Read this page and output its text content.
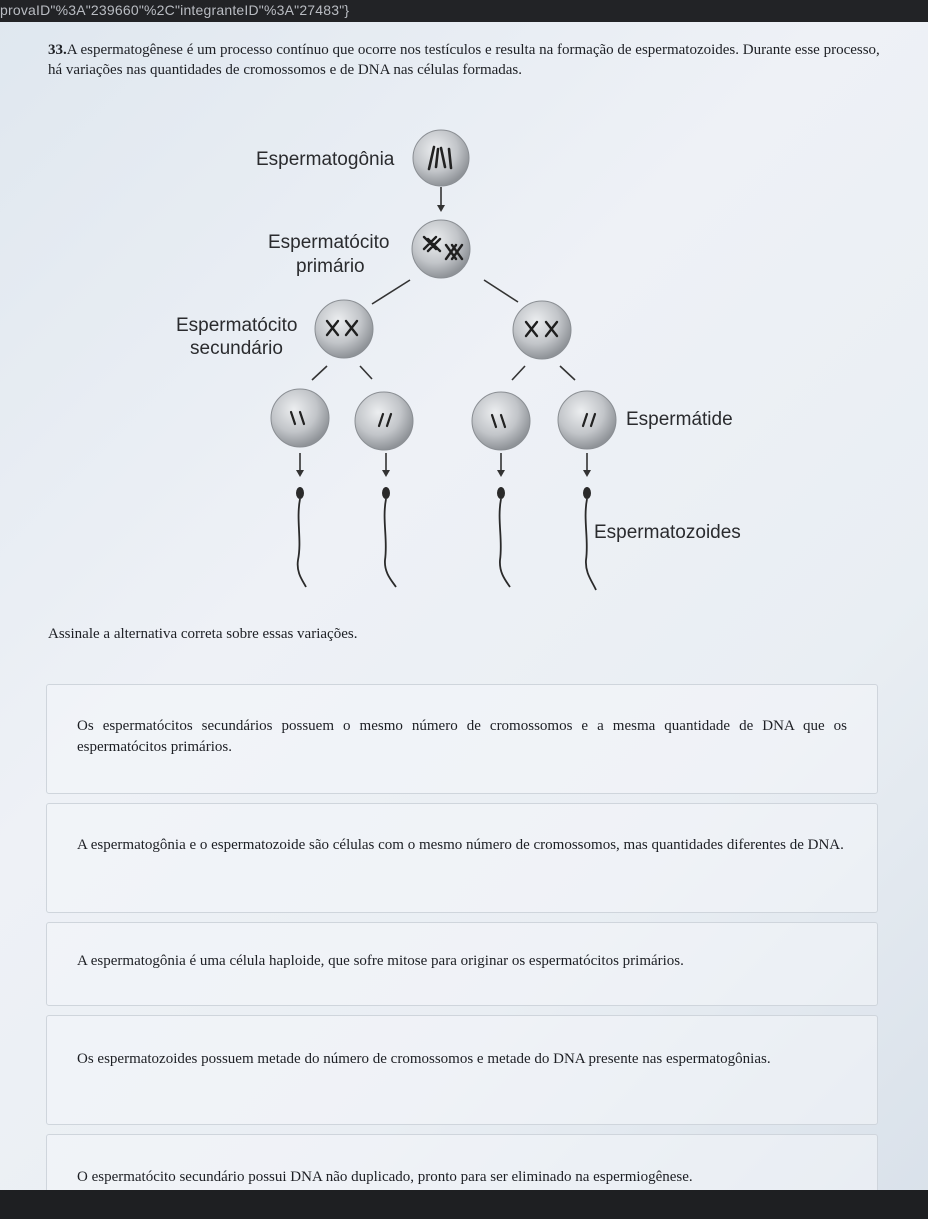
provaID"%3A"239660"%2C"integranteID"%3A"27483"}
33.A espermatogênese é um processo contínuo que ocorre nos testículos e resulta na formação de espermatozoides. Durante esse processo, há variações nas quantidades de cromossomos e de DNA nas células formadas.
Espermatogônia
Espermatócito
primário
Espermatócito
secundário
Espermátide
Espermatozoides
Assinale a alternativa correta sobre essas variações.
Os espermatócitos secundários possuem o mesmo número de cromossomos e a mesma quantidade de DNA que os espermatócitos primários.
A espermatogônia e o espermatozoide são células com o mesmo número de cromossomos, mas quantidades diferentes de DNA.
A espermatogônia é uma célula haploide, que sofre mitose para originar os espermatócitos primários.
Os espermatozoides possuem metade do número de cromossomos e metade do DNA presente nas espermatogônias.
O espermatócito secundário possui DNA não duplicado, pronto para ser eliminado na espermiogênese.
